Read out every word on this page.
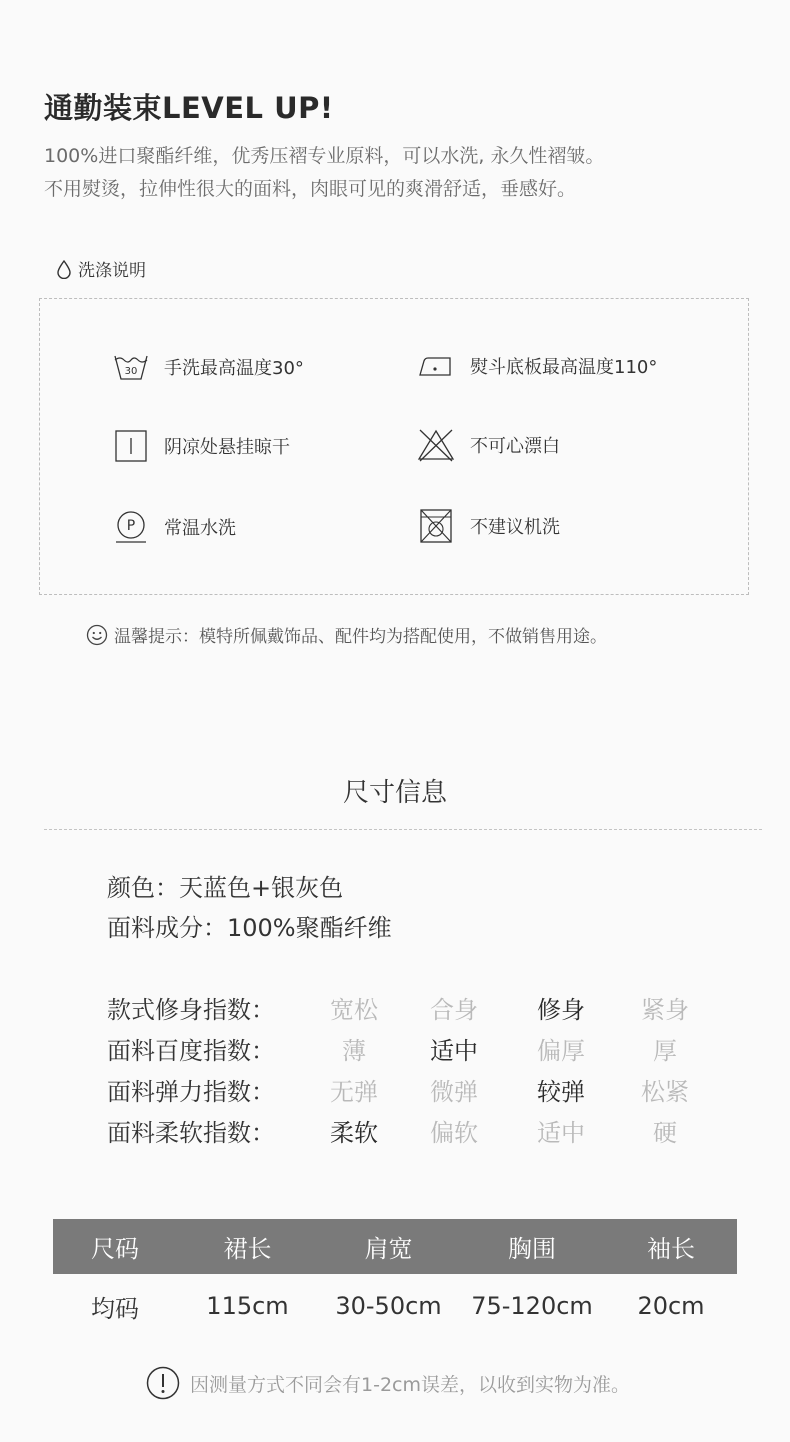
通勤装束LEVEL UP!
100%进口聚酯纤维，优秀压褶专业原料，可以水洗, 永久性褶皱。
不用熨烫，拉伸性很大的面料，肉眼可见的爽滑舒适，垂感好。
洗涤说明
30 手洗最高温度30°	熨斗底板最高温度110°
阴凉处悬挂晾干	不可心漂白
P 常温水洗	不建议机洗
温馨提示：模特所佩戴饰品、配件均为搭配使用，不做销售用途。
尺寸信息
颜色：天蓝色+银灰色
面料成分：100%聚酯纤维
款式修身指数：	宽松	合身	修身	紧身
面料百度指数：	薄	适中	偏厚	厚
面料弹力指数：	无弹	微弹	较弹	松紧
面料柔软指数：	柔软	偏软	适中	硬
尺码	裙长	肩宽	胸围	袖长
均码	115cm	30-50cm	75-120cm	20cm
因测量方式不同会有1-2cm误差，以收到实物为准。
